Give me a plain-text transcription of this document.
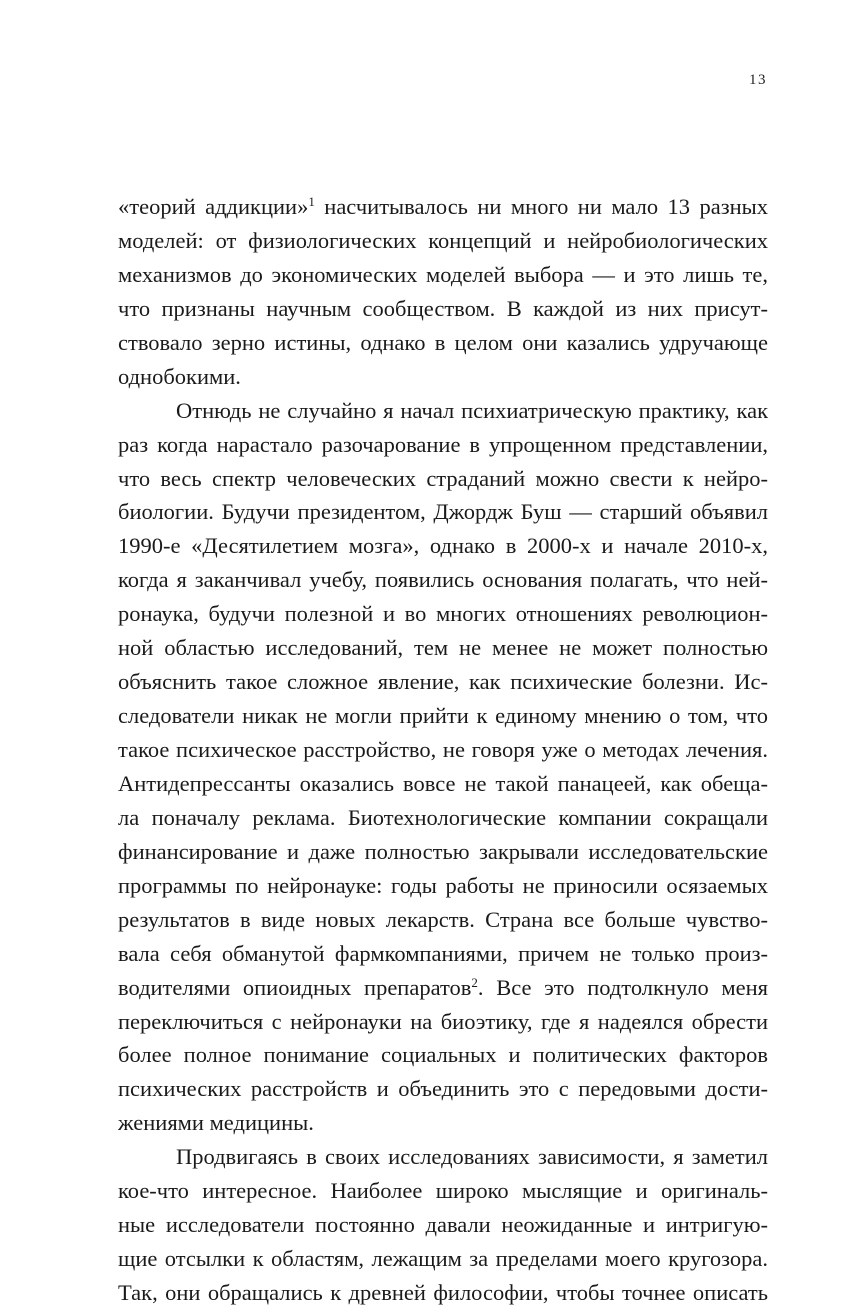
13
«теорий аддикции»$^1$ насчитывалось ни много ни мало 13 разных
моделей: от физиологических концепций и нейробиологических
механизмов до экономических моделей выбора — и это лишь те,
что признаны научным сообществом. В каждой из них присут-
ствовало зерно истины, однако в целом они казались удручающе
однобокими.
Отнюдь не случайно я начал психиатрическую практику, как
раз когда нарастало разочарование в упрощенном представлении,
что весь спектр человеческих страданий можно свести к нейро-
биологии. Будучи президентом, Джордж Буш — старший объявил
1990-е «Десятилетием мозга», однако в 2000-х и начале 2010-х,
когда я заканчивал учебу, появились основания полагать, что ней-
ронаука, будучи полезной и во многих отношениях революцион-
ной областью исследований, тем не менее не может полностью
объяснить такое сложное явление, как психические болезни. Ис-
следователи никак не могли прийти к единому мнению о том, что
такое психическое расстройство, не говоря уже о методах лечения.
Антидепрессанты оказались вовсе не такой панацеей, как обеща-
ла поначалу реклама. Биотехнологические компании сокращали
финансирование и даже полностью закрывали исследовательские
программы по нейронауке: годы работы не приносили осязаемых
результатов в виде новых лекарств. Страна все больше чувство-
вала себя обманутой фармкомпаниями, причем не только произ-
водителями опиоидных препаратов$^2$. Все это подтолкнуло меня
переключиться с нейронауки на биоэтику, где я надеялся обрести
более полное понимание социальных и политических факторов
психических расстройств и объединить это с передовыми дости-
жениями медицины.
Продвигаясь в своих исследованиях зависимости, я заметил
кое-что интересное. Наиболее широко мыслящие и оригиналь-
ные исследователи постоянно давали неожиданные и интригую-
щие отсылки к областям, лежащим за пределами моего кругозора.
Так, они обращались к древней философии, чтобы точнее описать
